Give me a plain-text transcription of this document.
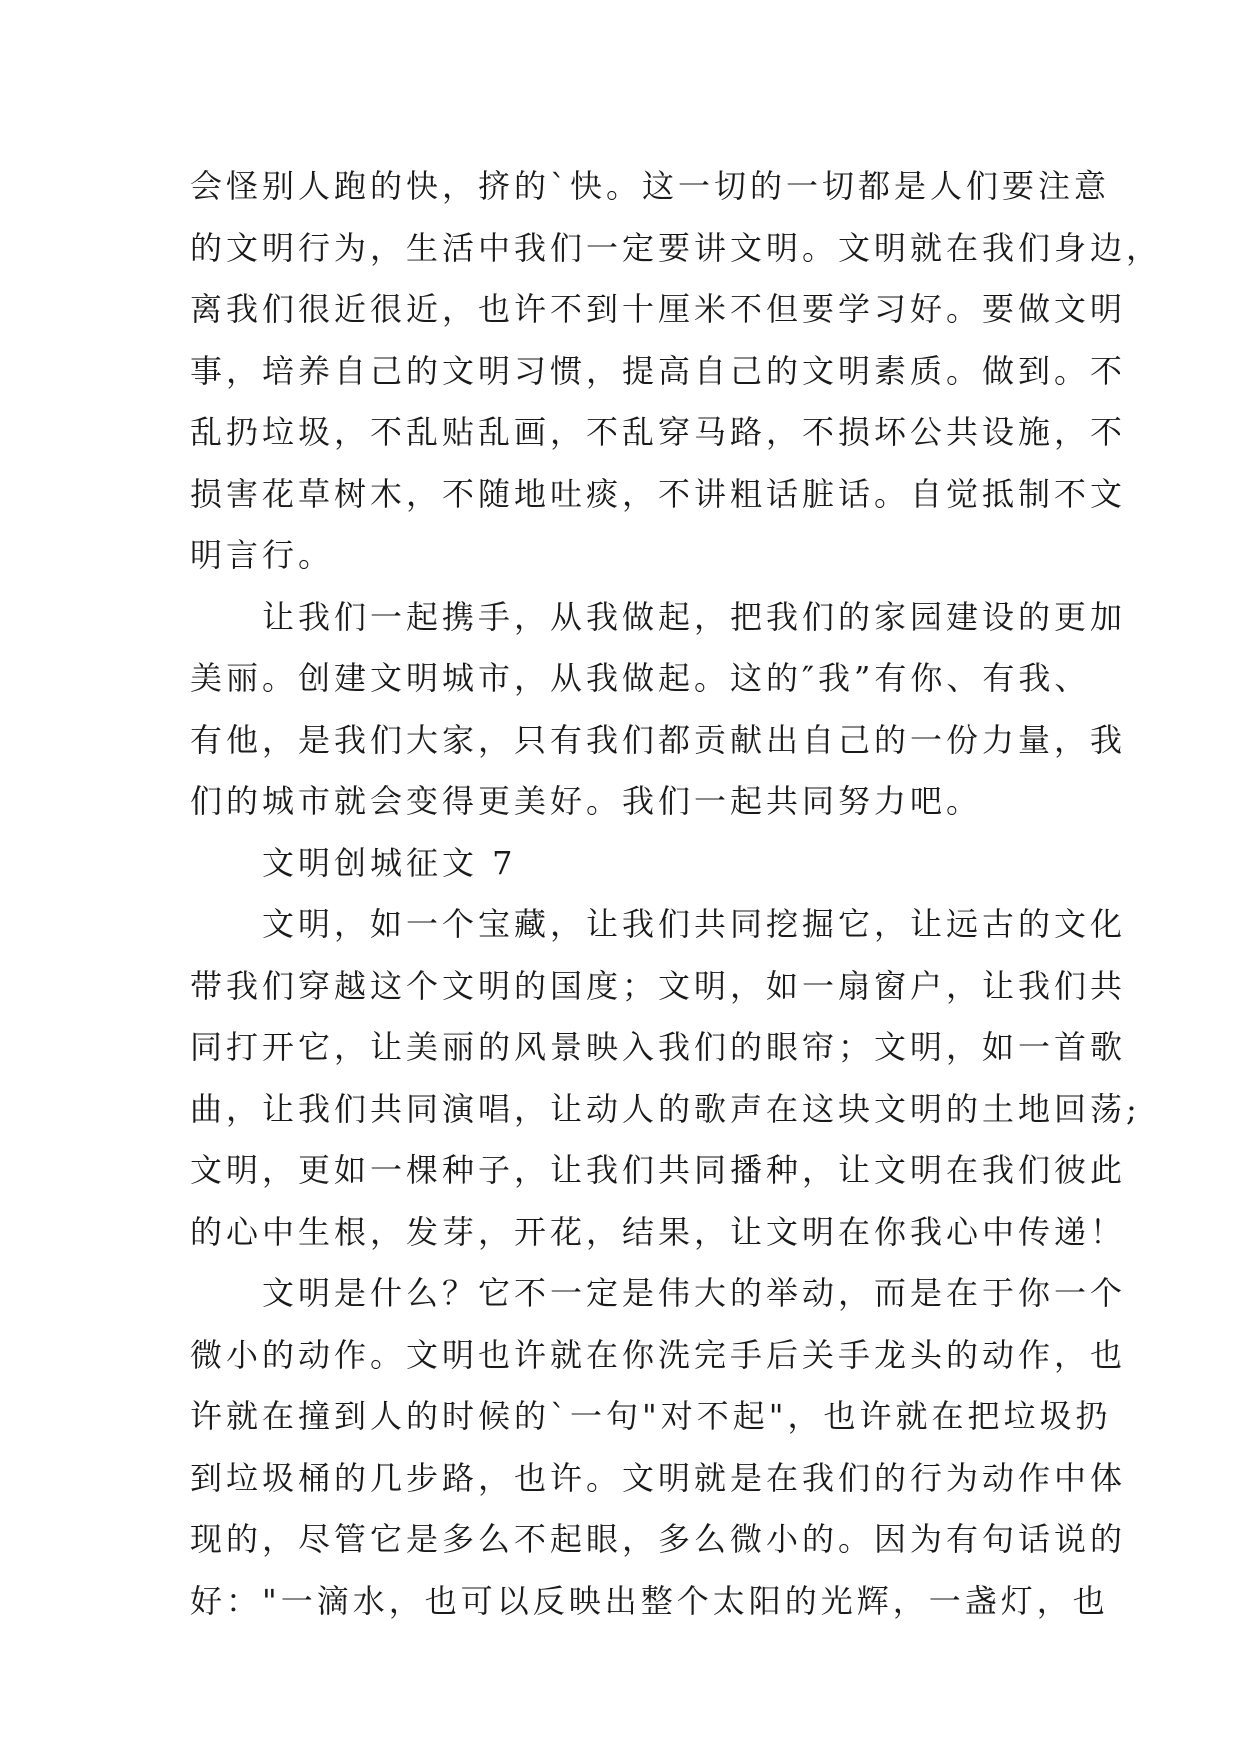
会怪别人跑的快，挤的`快。这一切的一切都是人们要注意
的文明行为，生活中我们一定要讲文明。文明就在我们身边，
离我们很近很近，也许不到十厘米不但要学习好。要做文明
事，培养自己的文明习惯，提高自己的文明素质。做到。不
乱扔垃圾，不乱贴乱画，不乱穿马路，不损坏公共设施，不
损害花草树木，不随地吐痰，不讲粗话脏话。自觉抵制不文
明言行。
　　让我们一起携手，从我做起，把我们的家园建设的更加
美丽。创建文明城市，从我做起。这的″我”有你、有我、
有他，是我们大家，只有我们都贡献出自己的一份力量，我
们的城市就会变得更美好。我们一起共同努力吧。
　　文明创城征文 7
　　文明，如一个宝藏，让我们共同挖掘它，让远古的文化
带我们穿越这个文明的国度；文明，如一扇窗户，让我们共
同打开它，让美丽的风景映入我们的眼帘；文明，如一首歌
曲，让我们共同演唱，让动人的歌声在这块文明的土地回荡;
文明，更如一棵种子，让我们共同播种，让文明在我们彼此
的心中生根，发芽，开花，结果，让文明在你我心中传递！
　　文明是什么？它不一定是伟大的举动，而是在于你一个
微小的动作。文明也许就在你洗完手后关手龙头的动作，也
许就在撞到人的时候的`一句"对不起"，也许就在把垃圾扔
到垃圾桶的几步路，也许。文明就是在我们的行为动作中体
现的，尽管它是多么不起眼，多么微小的。因为有句话说的
好："一滴水，也可以反映出整个太阳的光辉，一盏灯，也
